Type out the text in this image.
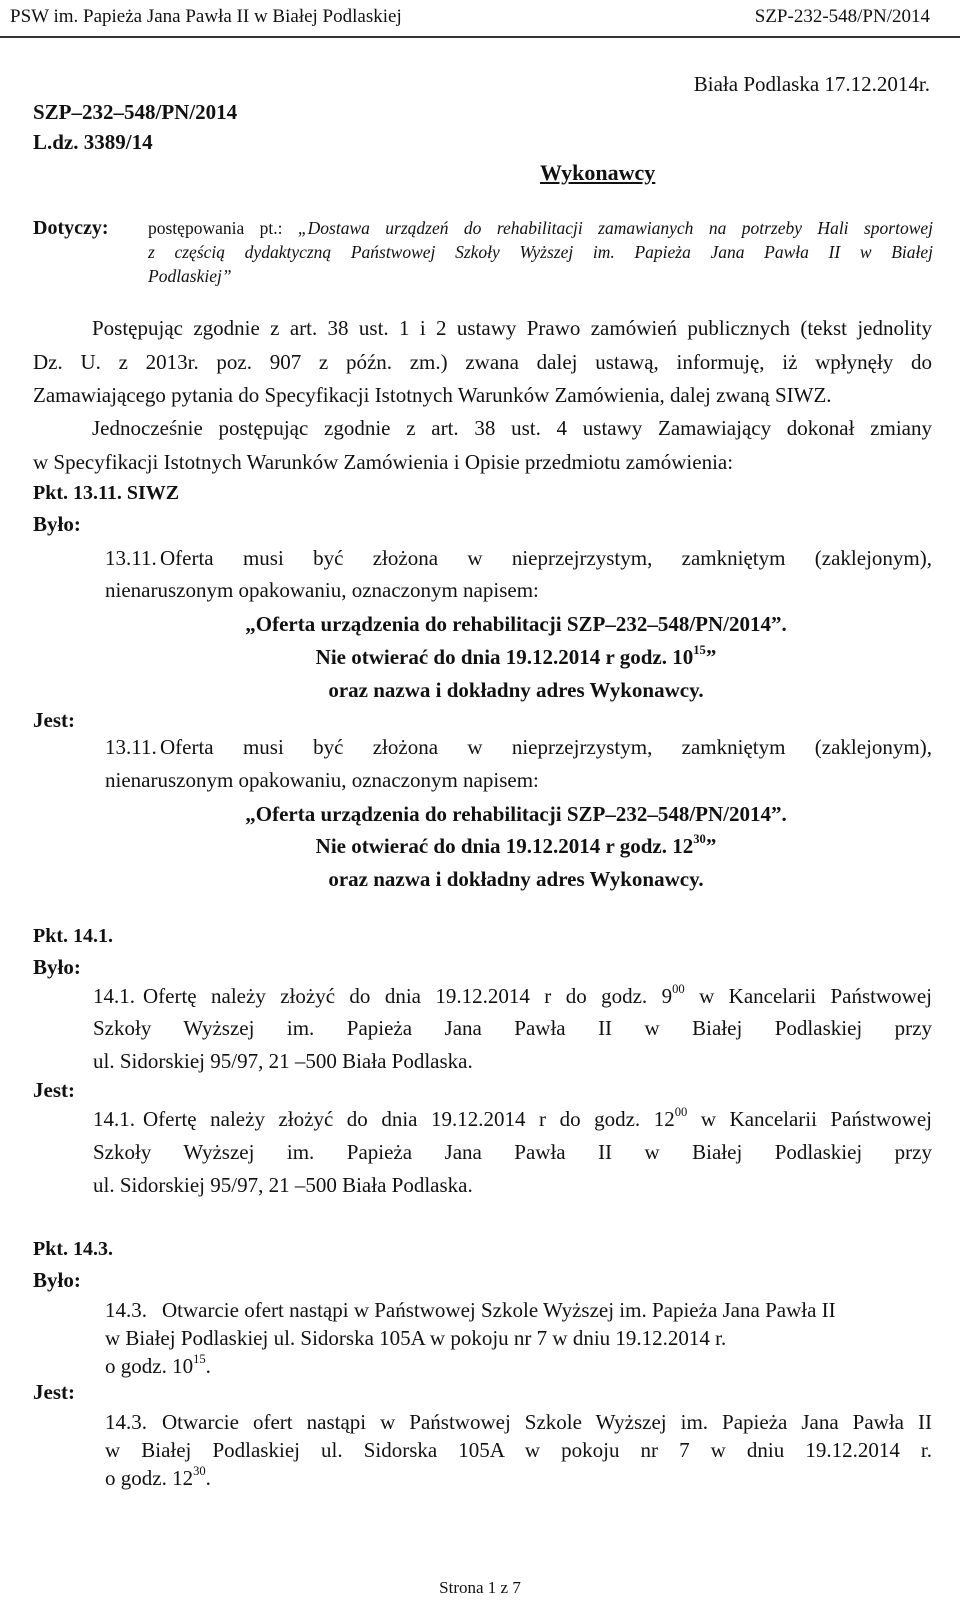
PSW im. Papieża Jana Pawła II w Białej Podlaskiej	SZP-232-548/PN/2014
Biała Podlaska 17.12.2014r.
SZP–232–548/PN/2014
L.dz. 3389/14
Wykonawcy
Dotyczy: postępowania pt.: „Dostawa urządzeń do rehabilitacji zamawianych na potrzeby Hali sportowej
z częścią dydaktyczną Państwowej Szkoły Wyższej im. Papieża Jana Pawła II w Białej
Podlaskiej”
Postępując zgodnie z art. 38 ust. 1 i 2 ustawy Prawo zamówień publicznych (tekst jednolity
Dz. U. z 2013r. poz. 907 z późn. zm.) zwana dalej ustawą, informuję, iż wpłynęły do
Zamawiającego pytania do Specyfikacji Istotnych Warunków Zamówienia, dalej zwaną SIWZ.
Jednocześnie postępując zgodnie z art. 38 ust. 4 ustawy Zamawiający dokonał zmiany
w Specyfikacji Istotnych Warunków Zamówienia i Opisie przedmiotu zamówienia:
Pkt. 13.11. SIWZ
Było:
13.11. Oferta musi być złożona w nieprzejrzystym, zamkniętym (zaklejonym),
nienaruszonym opakowaniu, oznaczonym napisem:
„Oferta urządzenia do rehabilitacji SZP–232–548/PN/2014”.
Nie otwierać do dnia 19.12.2014 r godz. $10^{15}$”
oraz nazwa i dokładny adres Wykonawcy.
Jest:
13.11. Oferta musi być złożona w nieprzejrzystym, zamkniętym (zaklejonym),
nienaruszonym opakowaniu, oznaczonym napisem:
„Oferta urządzenia do rehabilitacji SZP–232–548/PN/2014”.
Nie otwierać do dnia 19.12.2014 r godz. $12^{30}$”
oraz nazwa i dokładny adres Wykonawcy.
Pkt. 14.1.
Było:
14.1. Ofertę należy złożyć do dnia 19.12.2014 r do godz. $9^{00}$ w Kancelarii Państwowej
Szkoły Wyższej im. Papieża Jana Pawła II w Białej Podlaskiej przy
ul. Sidorskiej 95/97, 21 –500 Biała Podlaska.
Jest:
14.1. Ofertę należy złożyć do dnia 19.12.2014 r do godz. $12^{00}$ w Kancelarii Państwowej
Szkoły Wyższej im. Papieża Jana Pawła II w Białej Podlaskiej przy
ul. Sidorskiej 95/97, 21 –500 Biała Podlaska.
Pkt. 14.3.
Było:
14.3. Otwarcie ofert nastąpi w Państwowej Szkole Wyższej im. Papieża Jana Pawła II
w Białej Podlaskiej ul. Sidorska 105A w pokoju nr 7 w dniu 19.12.2014 r.
o godz. $10^{15}$.
Jest:
14.3. Otwarcie ofert nastąpi w Państwowej Szkole Wyższej im. Papieża Jana Pawła II
w Białej Podlaskiej ul. Sidorska 105A w pokoju nr 7 w dniu 19.12.2014 r.
o godz. $12^{30}$.
Strona 1 z 7
